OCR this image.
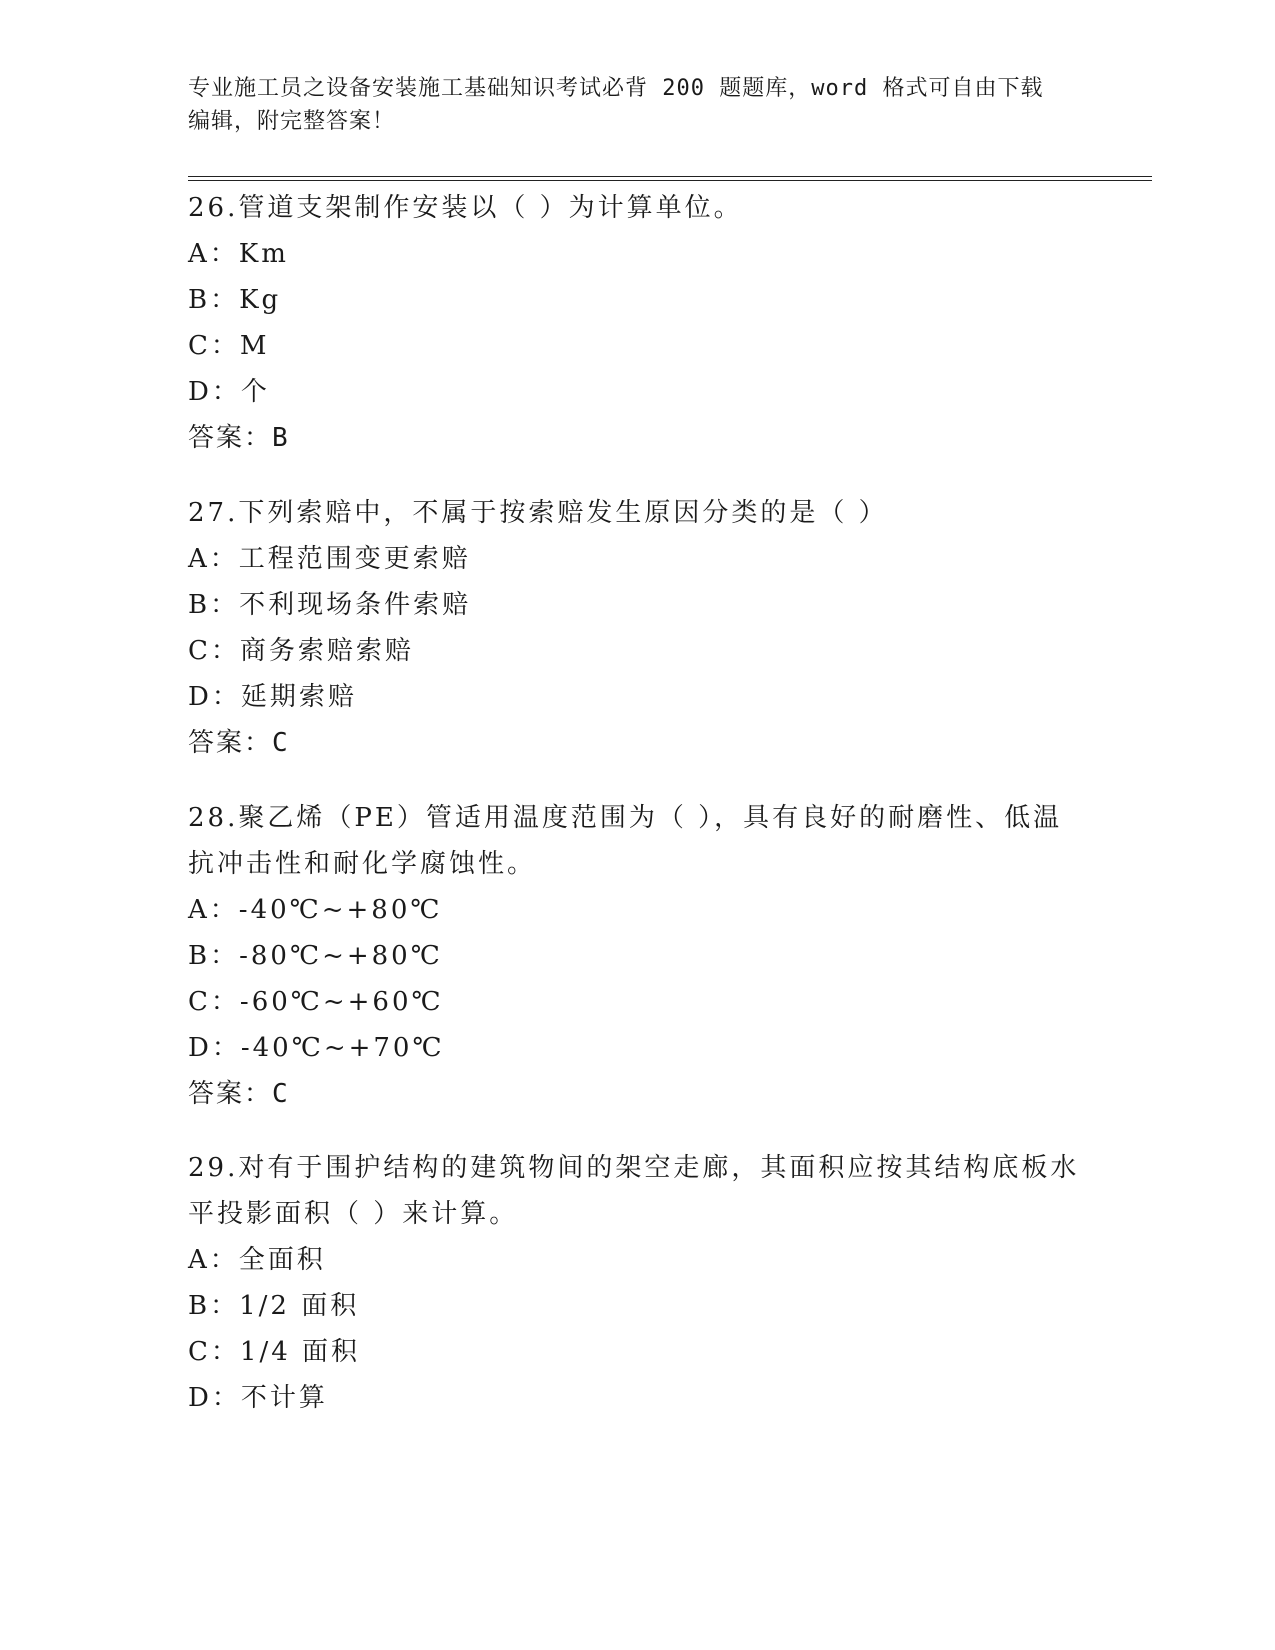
专业施工员之设备安装施工基础知识考试必背 200 题题库，word 格式可自由下载
编辑，附完整答案！
26.管道支架制作安装以（ ）为计算单位。
A：Km
B：Kg
C：M
D：个
答案：B
27.下列索赔中，不属于按索赔发生原因分类的是（ ）
A：工程范围变更索赔
B：不利现场条件索赔
C：商务索赔索赔
D：延期索赔
答案：C
28.聚乙烯（PE）管适用温度范围为（ ），具有良好的耐磨性、低温
抗冲击性和耐化学腐蚀性。
A：-40℃~+80℃
B：-80℃~+80℃
C：-60℃~+60℃
D：-40℃~+70℃
答案：C
29.对有于围护结构的建筑物间的架空走廊，其面积应按其结构底板水
平投影面积（ ）来计算。
A：全面积
B：1/2 面积
C：1/4 面积
D：不计算
